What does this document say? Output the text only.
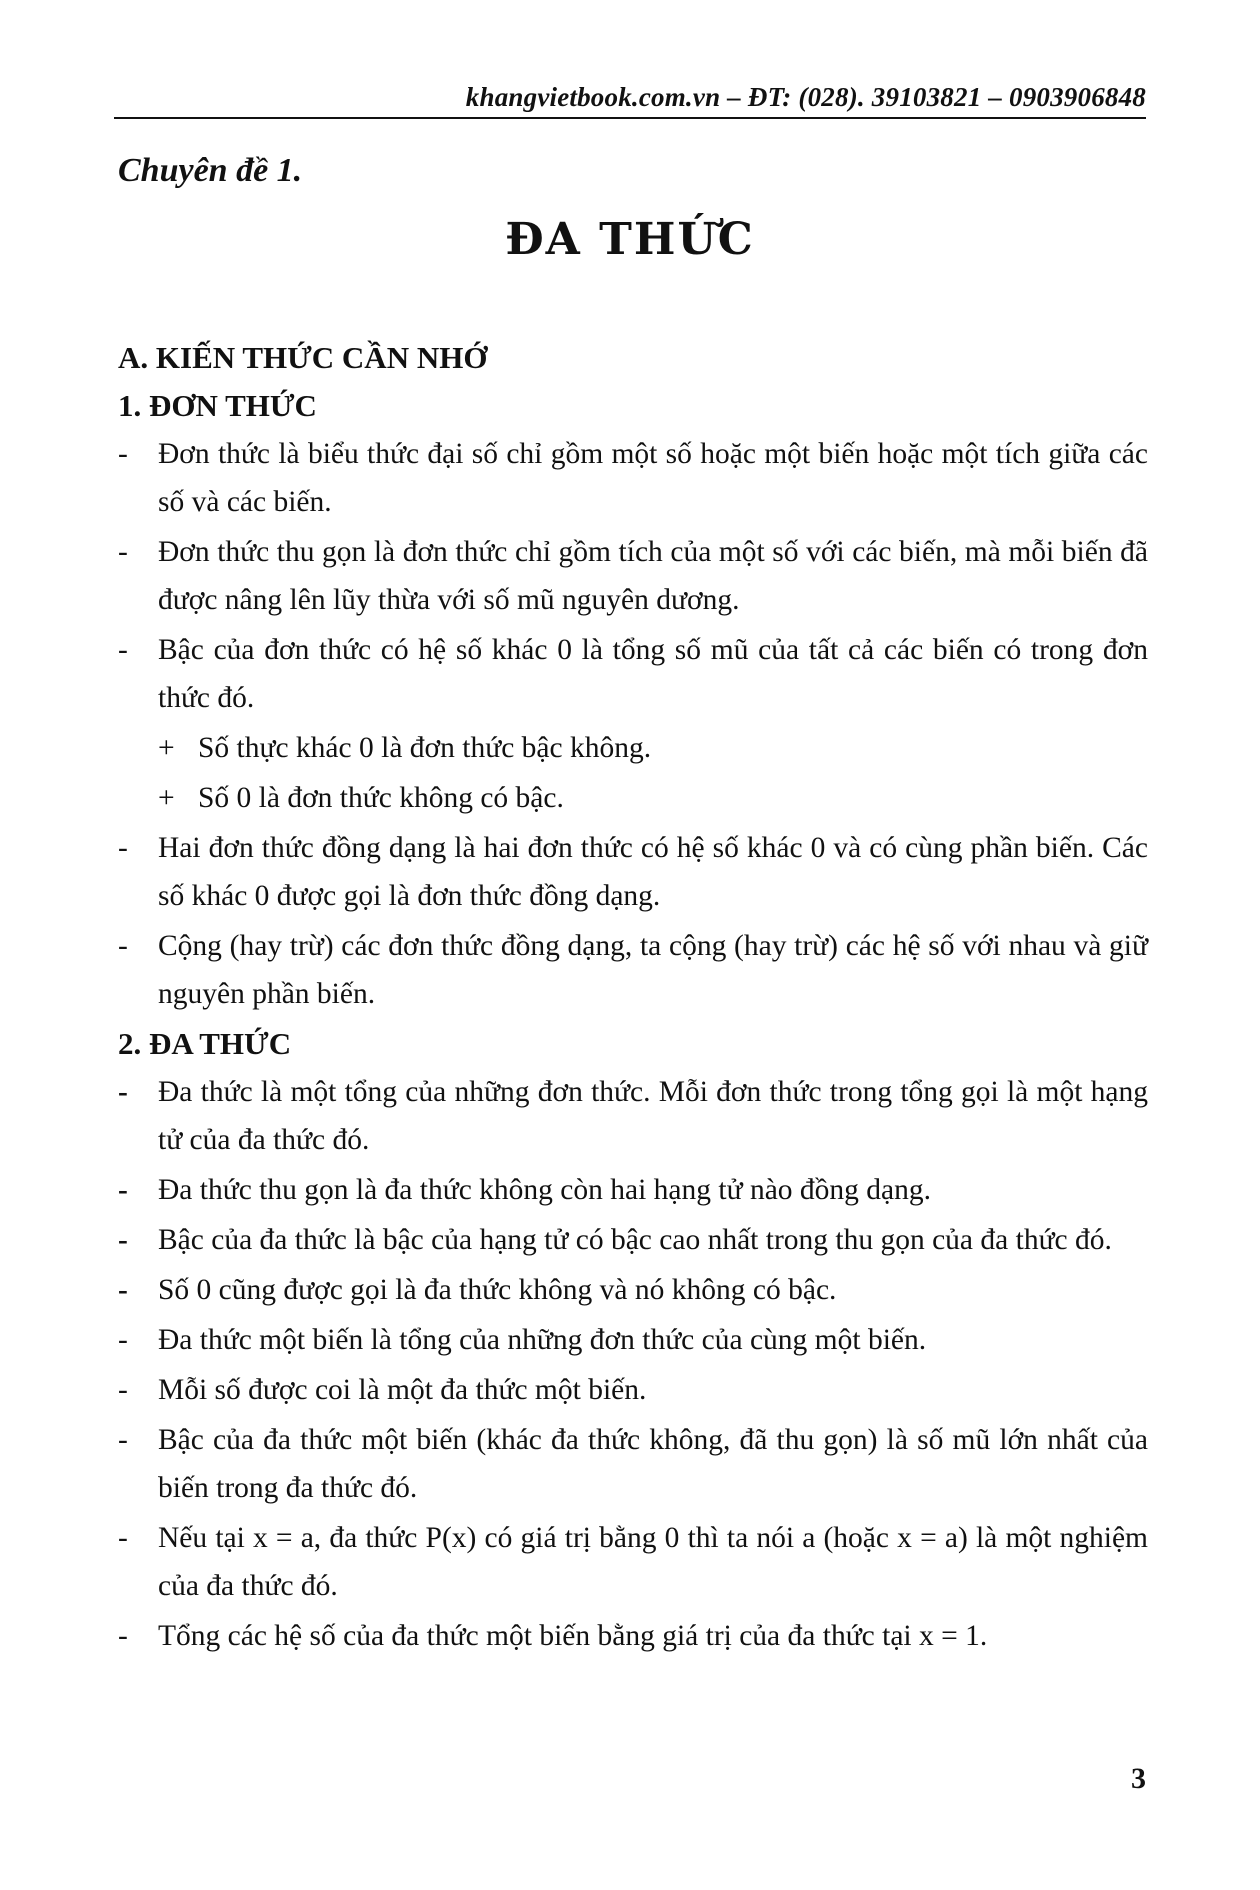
khangvietbook.com.vn – ĐT: (028). 39103821 – 0903906848
Chuyên đề 1.
ĐA THỨC

A. KIẾN THỨC CẦN NHỚ

1. ĐƠN THỨC

-	Đơn thức là biểu thức đại số chỉ gồm một số hoặc một biến hoặc một tích giữa các số và các biến.
-	Đơn thức thu gọn là đơn thức chỉ gồm tích của một số với các biến, mà mỗi biến đã được nâng lên lũy thừa với số mũ nguyên dương.
-	Bậc của đơn thức có hệ số khác 0 là tổng số mũ của tất cả các biến có trong đơn thức đó.
+ Số thực khác 0 là đơn thức bậc không.
+ Số 0 là đơn thức không có bậc.
-	Hai đơn thức đồng dạng là hai đơn thức có hệ số khác 0 và có cùng phần biến. Các số khác 0 được gọi là đơn thức đồng dạng.
-	Cộng (hay trừ) các đơn thức đồng dạng, ta cộng (hay trừ) các hệ số với nhau và giữ nguyên phần biến.

2. ĐA THỨC

-	Đa thức là một tổng của những đơn thức. Mỗi đơn thức trong tổng gọi là một hạng tử của đa thức đó.
-	Đa thức thu gọn là đa thức không còn hai hạng tử nào đồng dạng.
-	Bậc của đa thức là bậc của hạng tử có bậc cao nhất trong thu gọn của đa thức đó.
-	Số 0 cũng được gọi là đa thức không và nó không có bậc.
-	Đa thức một biến là tổng của những đơn thức của cùng một biến.
-	Mỗi số được coi là một đa thức một biến.
-	Bậc của đa thức một biến (khác đa thức không, đã thu gọn) là số mũ lớn nhất của biến trong đa thức đó.
-	Nếu tại x = a, đa thức P(x) có giá trị bằng 0 thì ta nói a (hoặc x = a) là một nghiệm của đa thức đó.
-	Tổng các hệ số của đa thức một biến bằng giá trị của đa thức tại x = 1.
3
